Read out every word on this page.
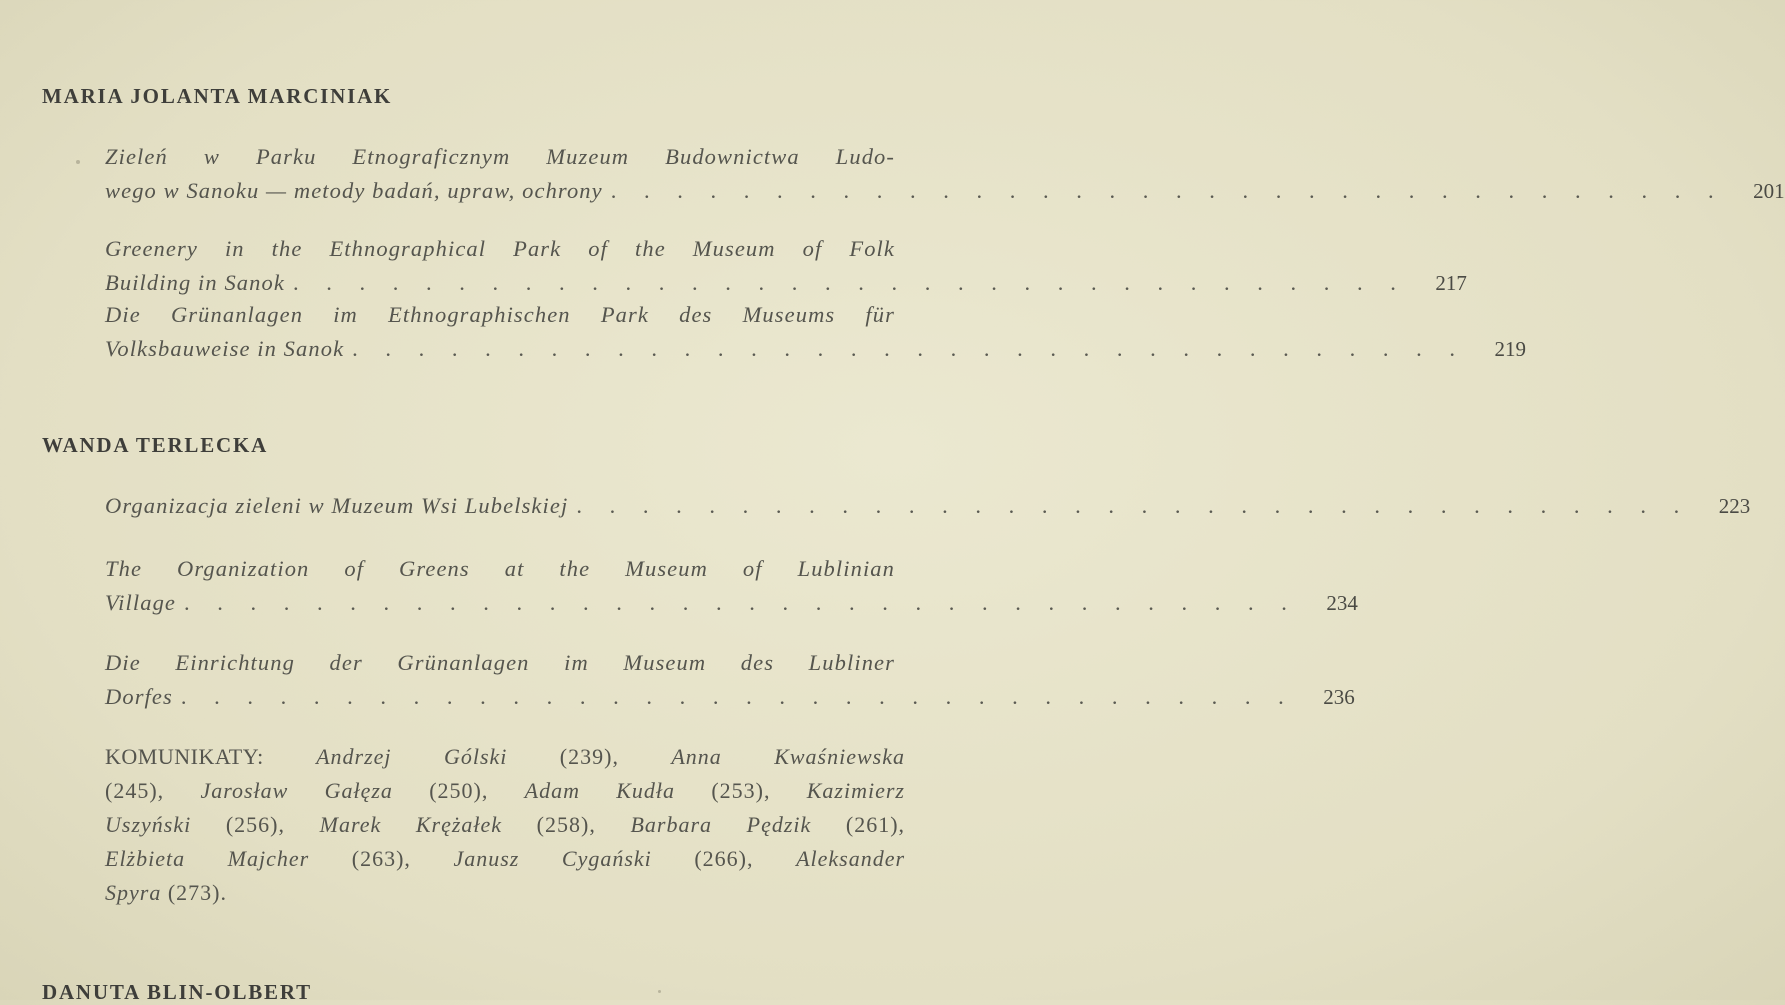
MARIA JOLANTA MARCINIAK
WANDA TERLECKA
DANUTA BLIN-OLBERT
Zieleń w Parku Etnograficznym Muzeum Budownictwa Ludo-
wego w Sanoku — metody badań, upraw, ochrony . . . . . . . . . . . . . . . . . . . . . . . . . . . . . . . . . .	201
Greenery in the Ethnographical Park of the Museum of Folk
Building in Sanok . . . . . . . . . . . . . . . . . . . . . . . . . . . . . . . . . .	217
Die Grünanlagen im Ethnographischen Park des Museums für
Volksbauweise in Sanok . . . . . . . . . . . . . . . . . . . . . . . . . . . . . . . . . .	219
Organizacja zieleni w Muzeum Wsi Lubelskiej . . . . . . . . . . . . . . . . . . . . . . . . . . . . . . . . . .	223
The Organization of Greens at the Museum of Lublinian
Village . . . . . . . . . . . . . . . . . . . . . . . . . . . . . . . . . .	234
Die Einrichtung der Grünanlagen im Museum des Lubliner
Dorfes . . . . . . . . . . . . . . . . . . . . . . . . . . . . . . . . . .	236
KOMUNIKATY: Andrzej Gólski (239), Anna Kwaśniewska
(245), Jarosław Gałęza (250), Adam Kudła (253), Kazimierz
Uszyński (256), Marek Krężałek (258), Barbara Pędzik (261),
Elżbieta Majcher (263), Janusz Cygański (266), Aleksander
Spyra (273).
